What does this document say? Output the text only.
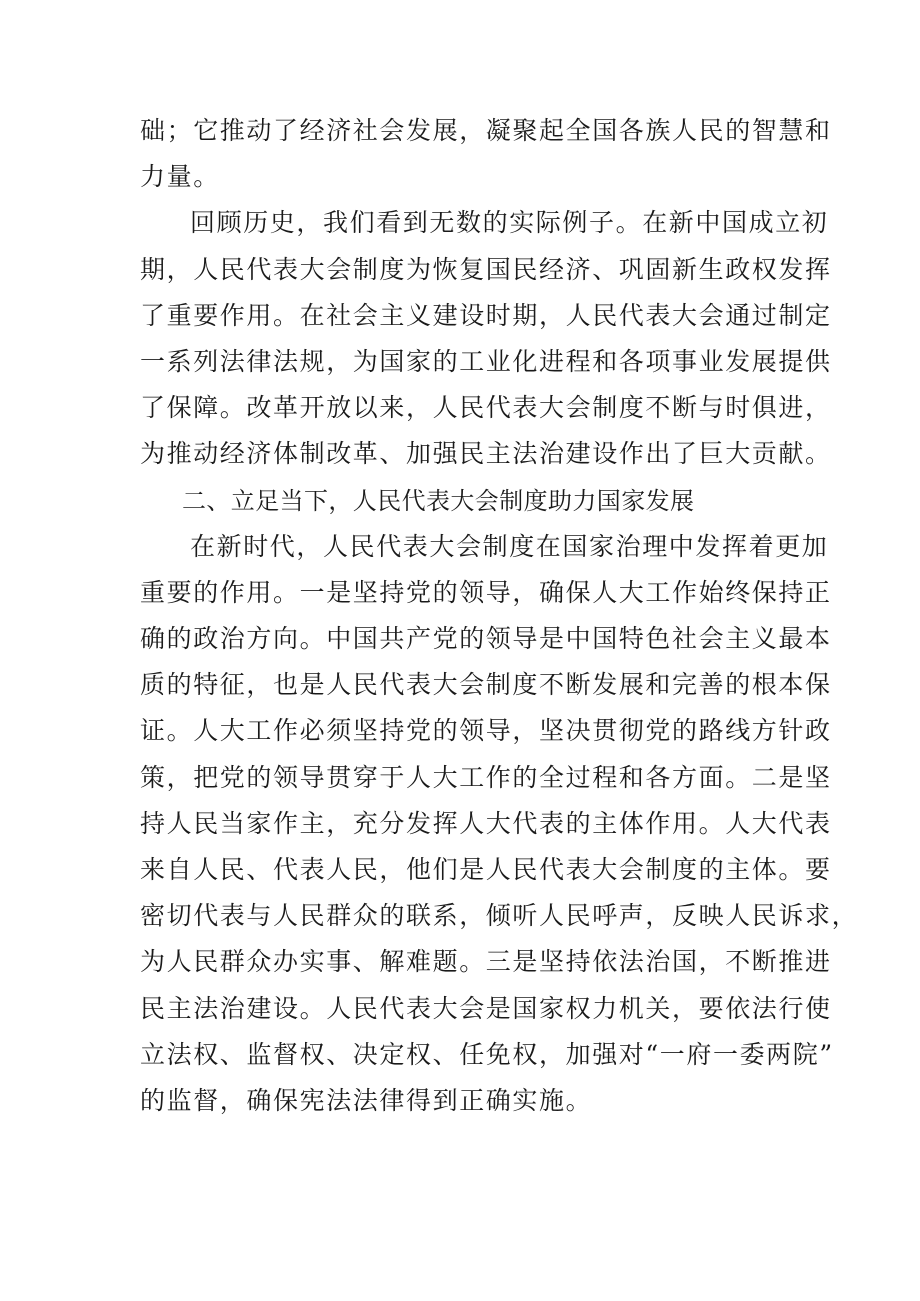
础；它推动了经济社会发展，凝聚起全国各族人民的智慧和
力量。
回顾历史，我们看到无数的实际例子。在新中国成立初
期，人民代表大会制度为恢复国民经济、巩固新生政权发挥
了重要作用。在社会主义建设时期，人民代表大会通过制定
一系列法律法规，为国家的工业化进程和各项事业发展提供
了保障。改革开放以来，人民代表大会制度不断与时俱进，
为推动经济体制改革、加强民主法治建设作出了巨大贡献。
二、立足当下，人民代表大会制度助力国家发展
在新时代，人民代表大会制度在国家治理中发挥着更加
重要的作用。一是坚持党的领导，确保人大工作始终保持正
确的政治方向。中国共产党的领导是中国特色社会主义最本
质的特征，也是人民代表大会制度不断发展和完善的根本保
证。人大工作必须坚持党的领导，坚决贯彻党的路线方针政
策，把党的领导贯穿于人大工作的全过程和各方面。二是坚
持人民当家作主，充分发挥人大代表的主体作用。人大代表
来自人民、代表人民，他们是人民代表大会制度的主体。要
密切代表与人民群众的联系，倾听人民呼声，反映人民诉求，
为人民群众办实事、解难题。三是坚持依法治国，不断推进
民主法治建设。人民代表大会是国家权力机关，要依法行使
立法权、监督权、决定权、任免权，加强对“一府一委两院”
的监督，确保宪法法律得到正确实施。
